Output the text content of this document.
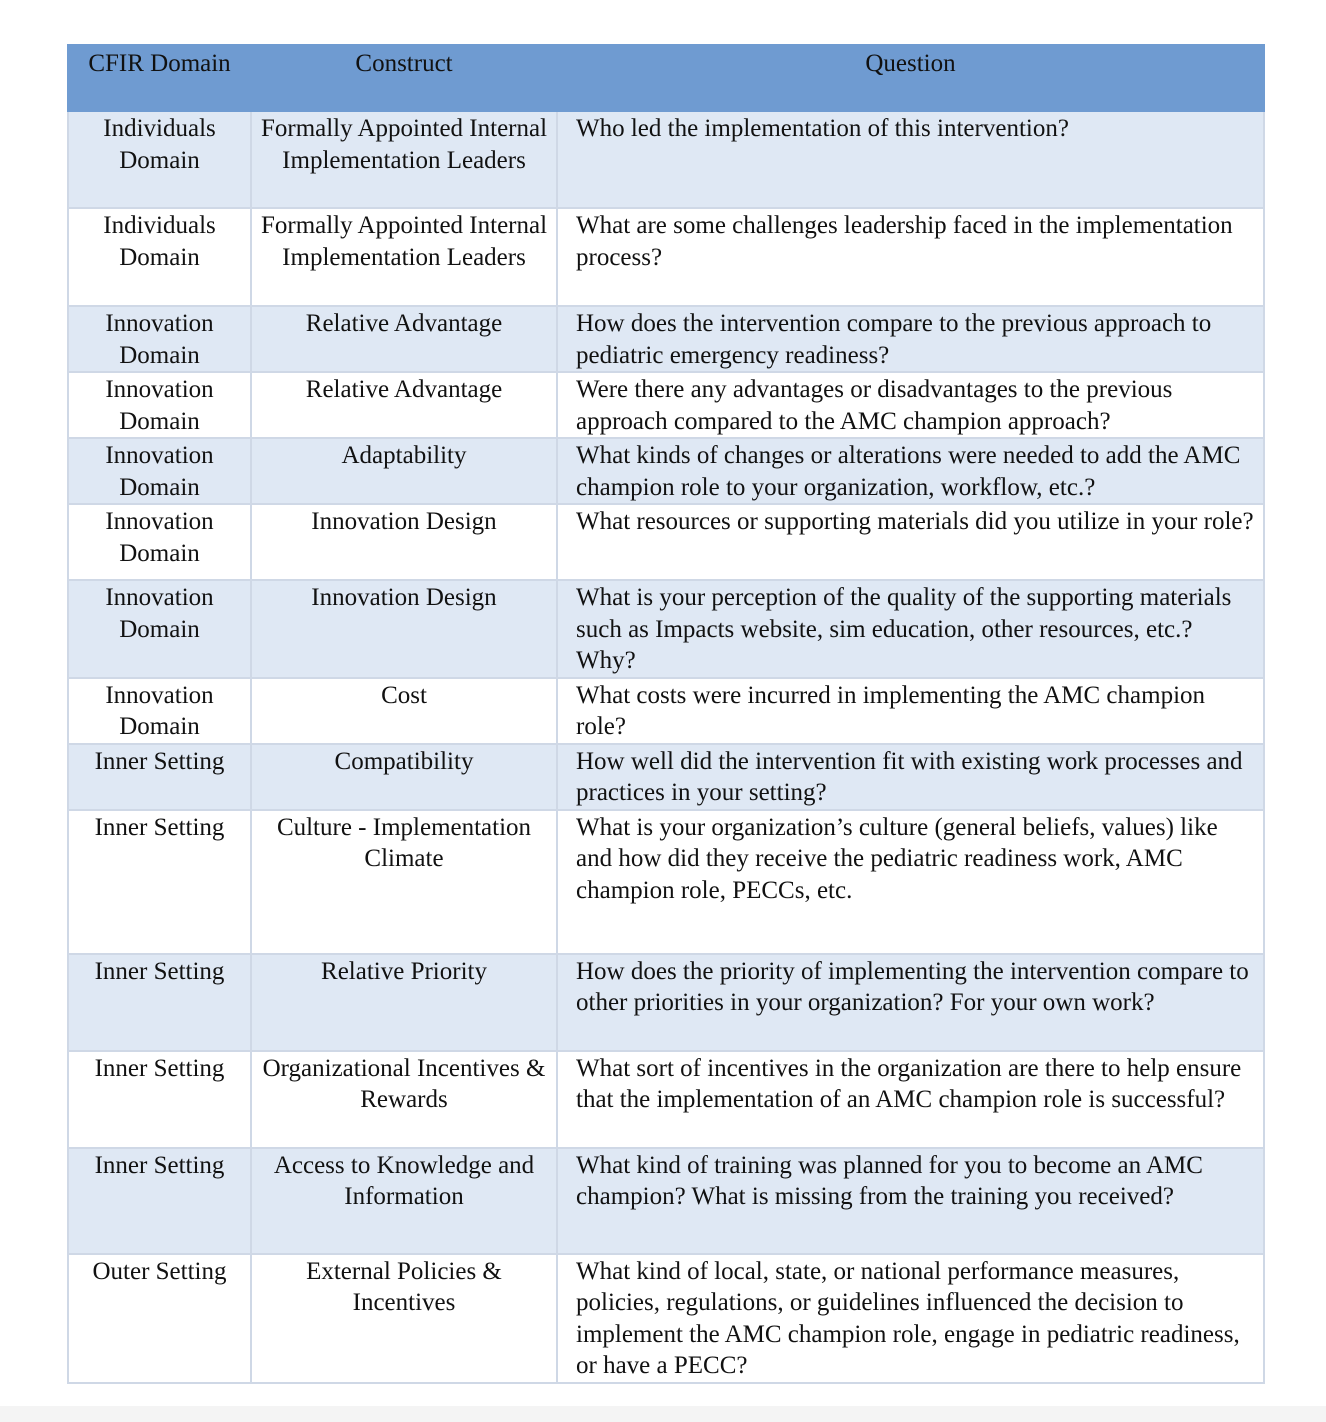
CFIR Domain	Construct	Question
Individuals Domain	Formally Appointed Internal Implementation Leaders	Who led the implementation of this intervention?
Individuals Domain	Formally Appointed Internal Implementation Leaders	What are some challenges leadership faced in the implementation process?
Innovation Domain	Relative Advantage	How does the intervention compare to the previous approach to pediatric emergency readiness?
Innovation Domain	Relative Advantage	Were there any advantages or disadvantages to the previous approach compared to the AMC champion approach?
Innovation Domain	Adaptability	What kinds of changes or alterations were needed to add the AMC champion role to your organization, workflow, etc.?
Innovation Domain	Innovation Design	What resources or supporting materials did you utilize in your role?
Innovation Domain	Innovation Design	What is your perception of the quality of the supporting materials such as Impacts website, sim education, other resources, etc.? Why?
Innovation Domain	Cost	What costs were incurred in implementing the AMC champion role?
Inner Setting	Compatibility	How well did the intervention fit with existing work processes and practices in your setting?
Inner Setting	Culture - Implementation Climate	What is your organization’s culture (general beliefs, values) like and how did they receive the pediatric readiness work, AMC champion role, PECCs, etc.
Inner Setting	Relative Priority	How does the priority of implementing the intervention compare to other priorities in your organization? For your own work?
Inner Setting	Organizational Incentives & Rewards	What sort of incentives in the organization are there to help ensure that the implementation of an AMC champion role is successful?
Inner Setting	Access to Knowledge and Information	What kind of training was planned for you to become an AMC champion? What is missing from the training you received?
Outer Setting	External Policies & Incentives	What kind of local, state, or national performance measures, policies, regulations, or guidelines influenced the decision to implement the AMC champion role, engage in pediatric readiness, or have a PECC?
